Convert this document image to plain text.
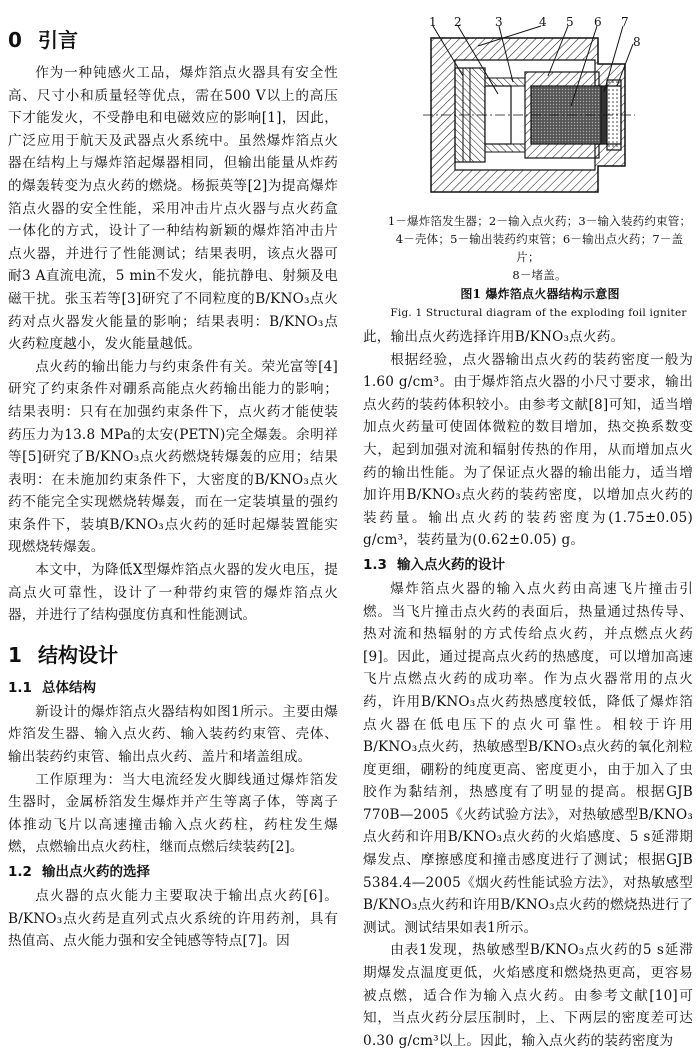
0 引言

作为一种钝感火工品，爆炸箔点火器具有安全性高、尺寸小和质量轻等优点，需在500 V以上的高压下才能发火，不受静电和电磁效应的影响[1]，因此，广泛应用于航天及武器点火系统中。虽然爆炸箔点火器在结构上与爆炸箔起爆器相同，但输出能量从炸药的爆轰转变为点火药的燃烧。杨振英等[2]为提高爆炸箔点火器的安全性能，采用冲击片点火器与点火药盒一体化的方式，设计了一种结构新颖的爆炸箔冲击片点火器，并进行了性能测试；结果表明，该点火器可耐3 A直流电流，5 min不发火，能抗静电、射频及电磁干扰。张玉若等[3]研究了不同粒度的B/KNO₃点火药对点火器发火能量的影响；结果表明：B/KNO₃点火药粒度越小，发火能量越低。

点火药的输出能力与约束条件有关。荣光富等[4]研究了约束条件对硼系高能点火药输出能力的影响；结果表明：只有在加强约束条件下，点火药才能使装药压力为13.8 MPa的太安(PETN)完全爆轰。余明祥等[5]研究了B/KNO₃点火药燃烧转爆轰的应用；结果表明：在未施加约束条件下，大密度的B/KNO₃点火药不能完全实现燃烧转爆轰，而在一定装填量的强约束条件下，装填B/KNO₃点火药的延时起爆装置能实现燃烧转爆轰。

本文中，为降低X型爆炸箔点火器的发火电压，提高点火可靠性，设计了一种带约束管的爆炸箔点火器，并进行了结构强度仿真和性能测试。

1 结构设计
1.1 总体结构

新设计的爆炸箔点火器结构如图1所示。主要由爆炸箔发生器、输入点火药、输入装药约束管、壳体、输出装药约束管、输出点火药、盖片和堵盖组成。

工作原理为：当大电流经发火脚线通过爆炸箔发生器时，金属桥箔发生爆炸并产生等离子体，等离子体推动飞片以高速撞击输入点火药柱，药柱发生爆燃，点燃输出点火药柱，继而点燃后续装药[2]。

1.2 输出点火药的选择

点火器的点火能力主要取决于输出点火药[6]。B/KNO₃点火药是直列式点火系统的许用药剂，具有热值高、点火能力强和安全钝感等特点[7]。因

1 2	3	4 5 6 7
8

1－爆炸箔发生器；2－输入点火药；3－输入装药约束管；

4－壳体；5－输出装药约束管；6－输出点火药；7－盖片；

8－堵盖。

图1 爆炸箔点火器结构示意图

Fig. 1 Structural diagram of the exploding foil igniter

此，输出点火药选择许用B/KNO₃点火药。

根据经验，点火器输出点火药的装药密度一般为1.60 g/cm³。由于爆炸箔点火器的小尺寸要求，输出点火药的装药体积较小。由参考文献[8]可知，适当增加点火药量可使固体微粒的数目增加，热交换系数变大，起到加强对流和辐射传热的作用，从而增加点火药的输出性能。为了保证点火器的输出能力，适当增加许用B/KNO₃点火药的装药密度，以增加点火药的装药量。输出点火药的装药密度为(1.75±0.05) g/cm³，装药量为(0.62±0.05) g。

1.3 输入点火药的设计

爆炸箔点火器的输入点火药由高速飞片撞击引燃。当飞片撞击点火药的表面后，热量通过热传导、热对流和热辐射的方式传给点火药，并点燃点火药[9]。因此，通过提高点火药的热感度，可以增加高速飞片点燃点火药的成功率。作为点火器常用的点火药，许用B/KNO₃点火药热感度较低，降低了爆炸箔点火器在低电压下的点火可靠性。相较于许用B/KNO₃点火药，热敏感型B/KNO₃点火药的氧化剂粒度更细，硼粉的纯度更高、密度更小，由于加入了虫胶作为黏结剂，热感度有了明显的提高。根据GJB 770B—2005《火药试验方法》，对热敏感型B/KNO₃点火药和许用B/KNO₃点火药的火焰感度、5 s延滞期爆发点、摩擦感度和撞击感度进行了测试；根据GJB 5384.4—2005《烟火药性能试验方法》，对热敏感型B/KNO₃点火药和许用B/KNO₃点火药的燃烧热进行了测试。测试结果如表1所示。

由表1发现，热敏感型B/KNO₃点火药的5 s延滞期爆发点温度更低，火焰感度和燃烧热更高，更容易被点燃，适合作为输入点火药。由参考文献[10]可知，当点火药分层压制时，上、下两层的密度差可达0.30 g/cm³以上。因此，输入点火药的装药密度为
